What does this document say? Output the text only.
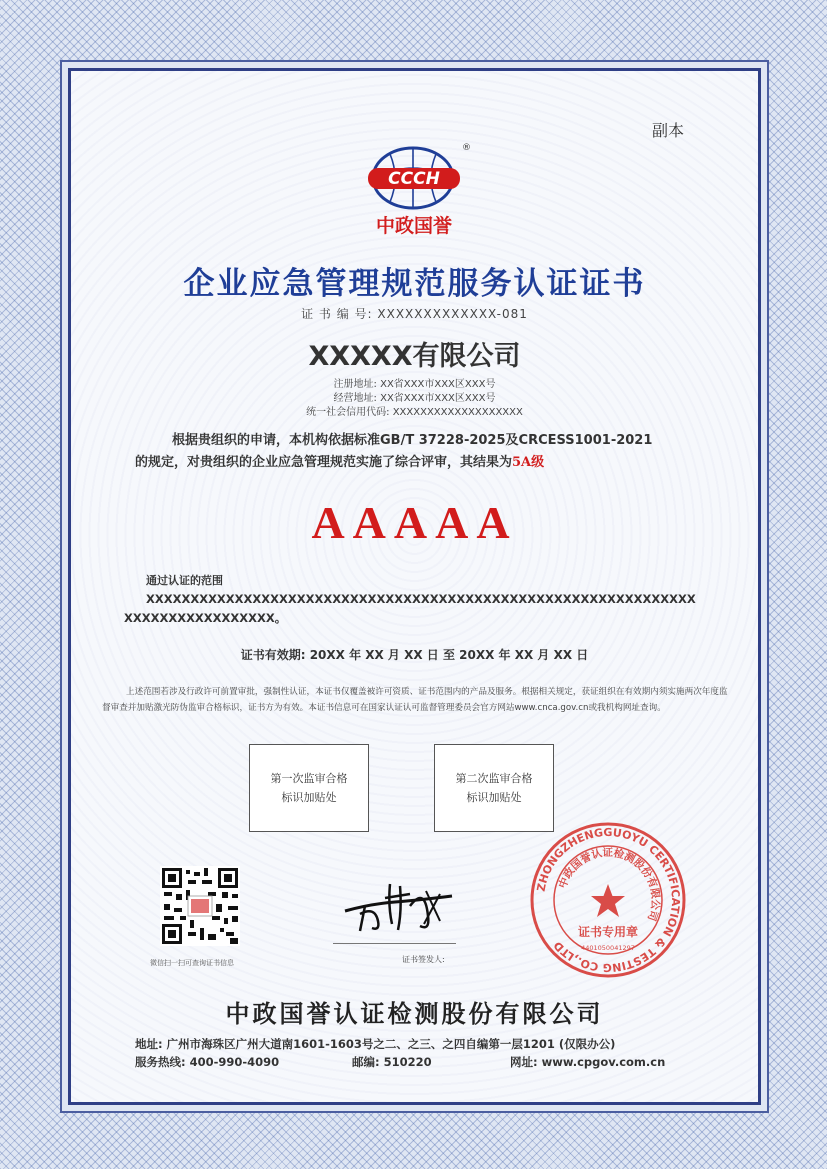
副本
CCCH
®
中政国誉
企业应急管理规范服务认证证书
证 书 编 号: XXXXXXXXXXXXX-081
XXXXX有限公司
注册地址: XX省XXX市XXX区XXX号
经营地址: XX省XXX市XXX区XXX号
统一社会信用代码: XXXXXXXXXXXXXXXXXXX
根据贵组织的申请，本机构依据标准GB/T 37228-2025及CRCESS1001-2021
的规定，对贵组织的企业应急管理规范实施了综合评审，其结果为5A级
AAAAA
通过认证的范围
XXXXXXXXXXXXXXXXXXXXXXXXXXXXXXXXXXXXXXXXXXXXXXXXXXXXXXXXXXXXXXXXXXXXXXXXXXXXXXX。
证书有效期: 20XX 年 XX 月 XX 日 至 20XX 年 XX 月 XX 日
上述范围若涉及行政许可前置审批，强制性认证，本证书仅覆盖被许可资质、证书范围内的产品及服务。根据相关规定，获证组织在有效期内须实施两次年度监督审查并加贴激光防伪监审合格标识，证书方为有效。本证书信息可在国家认证认可监督管理委员会官方网站www.cnca.gov.cn或我机构网址查询。
第一次监审合格
标识加贴处
第二次监审合格
标识加贴处
微信扫一扫可查询证书信息	证书签发人:
ZHONGZHENGGUOYU CERTIFICATION & TESTING CO.,LTD
中政国誉认证检测股份有限公司
证书专用章
4401050041297
中政国誉认证检测股份有限公司
地址: 广州市海珠区广州大道南1601-1603号之二、之三、之四自编第一层1201 (仅限办公)
服务热线: 400-990-4090	邮编: 510220	网址: www.cpgov.com.cn
